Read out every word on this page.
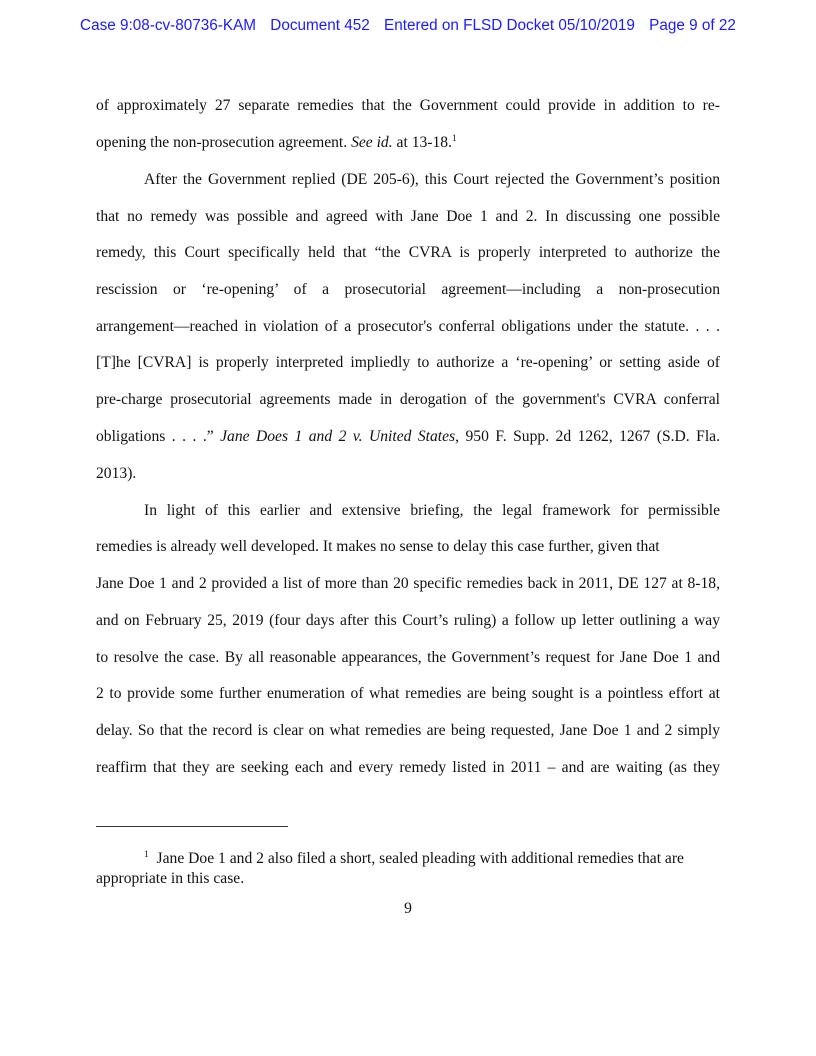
Case 9:08-cv-80736-KAM Document 452 Entered on FLSD Docket 05/10/2019 Page 9 of 22
of approximately 27 separate remedies that the Government could provide in addition to re-
opening the non-prosecution agreement. See id. at 13-18.$^1$
After the Government replied (DE 205-6), this Court rejected the Government’s position
that no remedy was possible and agreed with Jane Doe 1 and 2. In discussing one possible
remedy, this Court specifically held that “the CVRA is properly interpreted to authorize the
rescission or ‘re-opening’ of a prosecutorial agreement—including a non-prosecution
arrangement—reached in violation of a prosecutor's conferral obligations under the statute. . . .
[T]he [CVRA] is properly interpreted impliedly to authorize a ‘re-opening’ or setting aside of
pre-charge prosecutorial agreements made in derogation of the government's CVRA conferral
obligations . . . .” Jane Does 1 and 2 v. United States, 950 F. Supp. 2d 1262, 1267 (S.D. Fla.
2013).
In light of this earlier and extensive briefing, the legal framework for permissible
remedies is already well developed. It makes no sense to delay this case further, given that
Jane Doe 1 and 2 provided a list of more than 20 specific remedies back in 2011, DE 127 at 8-18,
and on February 25, 2019 (four days after this Court’s ruling) a follow up letter outlining a way
to resolve the case. By all reasonable appearances, the Government’s request for Jane Doe 1 and
2 to provide some further enumeration of what remedies are being sought is a pointless effort at
delay. So that the record is clear on what remedies are being requested, Jane Doe 1 and 2 simply
reaffirm that they are seeking each and every remedy listed in 2011 – and are waiting (as they
$^1$ Jane Doe 1 and 2 also filed a short, sealed pleading with additional remedies that are
appropriate in this case.
9
